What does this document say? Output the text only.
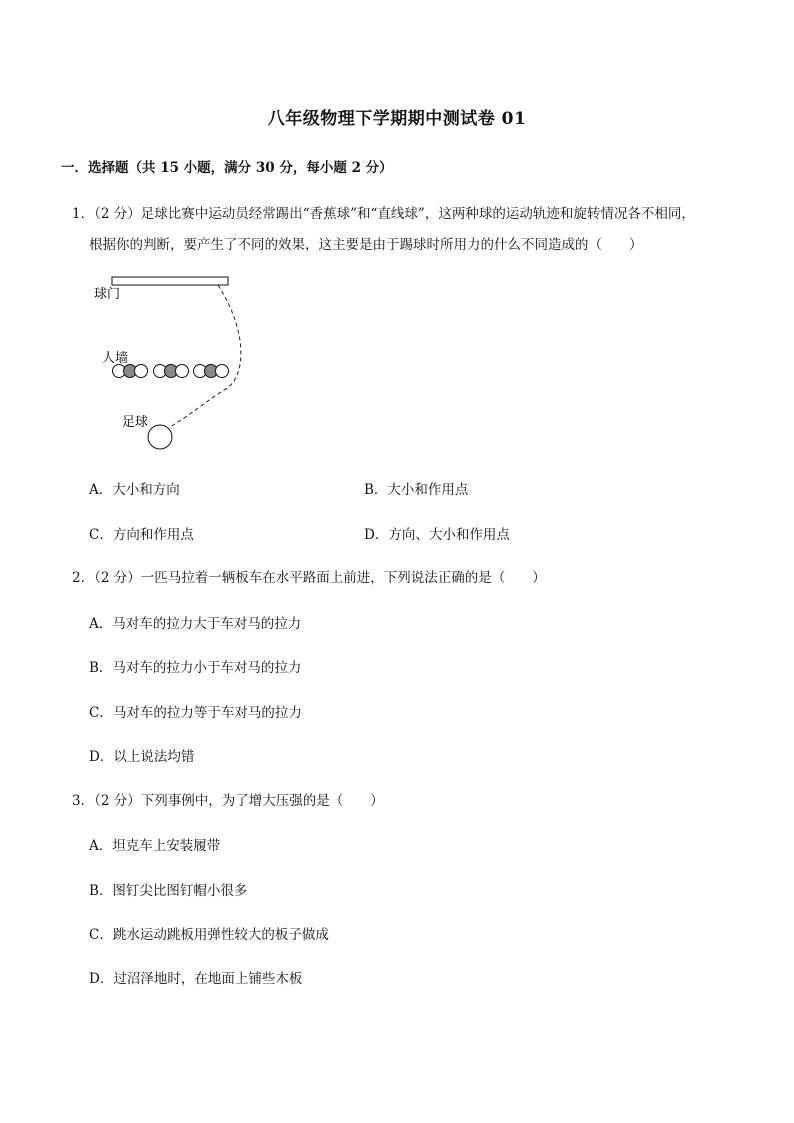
八年级物理下学期期中测试卷 01
一．选择题（共 15 小题，满分 30 分，每小题 2 分）
1．（2 分）足球比赛中运动员经常踢出“香蕉球”和“直线球”，这两种球的运动轨迹和旋转情况各不相同，
根据你的判断，要产生了不同的效果，这主要是由于踢球时所用力的什么不同造成的（　　）
球门
人墙
足球
A．大小和方向	B．大小和作用点
C．方向和作用点	D．方向、大小和作用点
2．（2 分）一匹马拉着一辆板车在水平路面上前进，下列说法正确的是（　　）
A．马对车的拉力大于车对马的拉力
B．马对车的拉力小于车对马的拉力
C．马对车的拉力等于车对马的拉力
D．以上说法均错
3．（2 分）下列事例中，为了增大压强的是（　　）
A．坦克车上安装履带
B．图钉尖比图钉帽小很多
C．跳水运动跳板用弹性较大的板子做成
D．过沼泽地时，在地面上铺些木板
